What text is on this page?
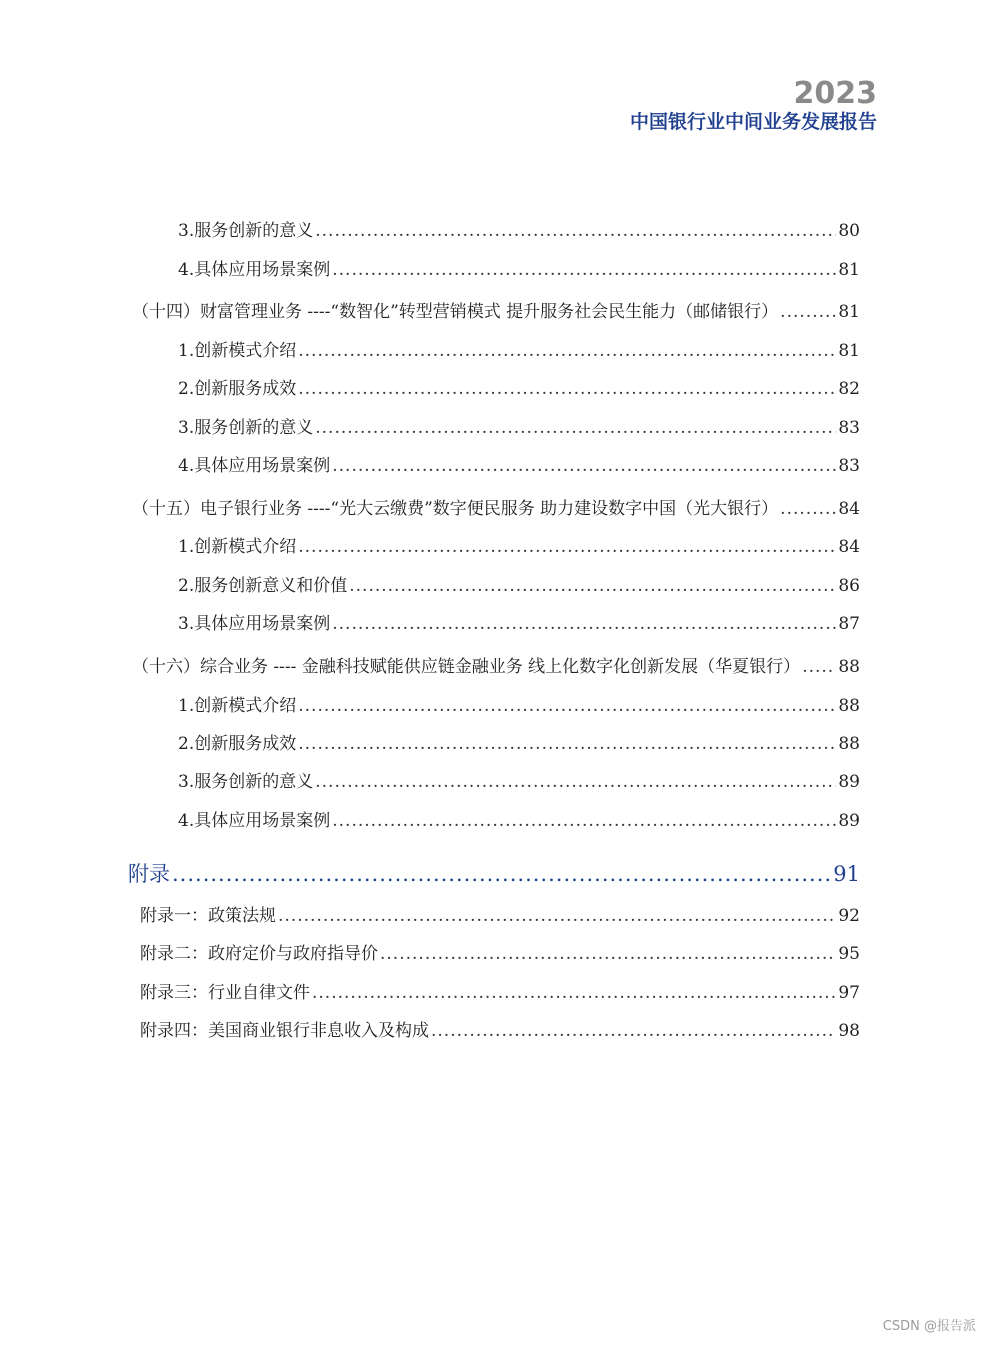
2023
中国银行业中间业务发展报告
3.服务创新的意义 .....	80
4.具体应用场景案例 .....	81
（十四）财富管理业务 ----“数智化”转型营销模式 提升服务社会民生能力（邮储银行） .....	81
1.创新模式介绍 .....	81
2.创新服务成效 .....	82
3.服务创新的意义 .....	83
4.具体应用场景案例 .....	83
（十五）电子银行业务 ----“光大云缴费”数字便民服务 助力建设数字中国（光大银行） .....	84
1.创新模式介绍 .....	84
2.服务创新意义和价值 .....	86
3.具体应用场景案例 .....	87
（十六）综合业务 ---- 金融科技赋能供应链金融业务 线上化数字化创新发展（华夏银行） ..... 88
1.创新模式介绍 .....	88
2.创新服务成效 .....	88
3.服务创新的意义 .....	89
4.具体应用场景案例 .....	89
附录 .....	91
附录一：政策法规 .....	92
附录二：政府定价与政府指导价 .....	95
附录三：行业自律文件 .....	97
附录四：美国商业银行非息收入及构成 .....	98
CSDN @报告派
